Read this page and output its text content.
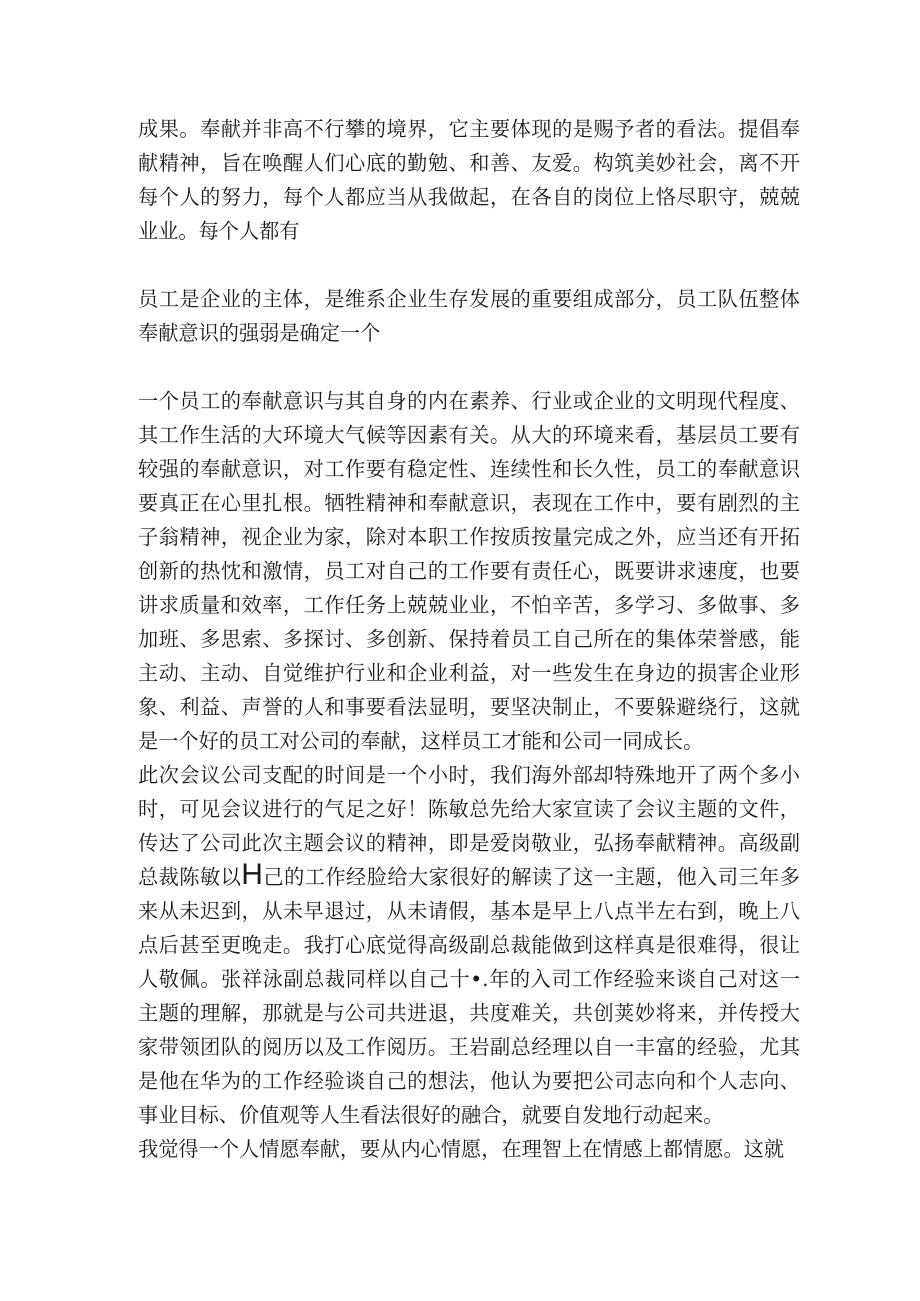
成果。奉献并非高不行攀的境界，它主要体现的是赐予者的看法。提倡奉献精神，旨在唤醒人们心底的勤勉、和善、友爱。构筑美妙社会，离不开每个人的努力，每个人都应当从我做起，在各自的岗位上恪尽职守，兢兢业业。每个人都有

员工是企业的主体，是维系企业生存发展的重要组成部分，员工队伍整体奉献意识的强弱是确定一个

一个员工的奉献意识与其自身的内在素养、行业或企业的文明现代程度、其工作生活的大环境大气候等因素有关。从大的环境来看，基层员工要有较强的奉献意识，对工作要有稳定性、连续性和长久性，员工的奉献意识要真正在心里扎根。牺牲精神和奉献意识，表现在工作中，要有剧烈的主子翁精神，视企业为家，除对本职工作按质按量完成之外，应当还有开拓创新的热忱和激情，员工对自己的工作要有责任心，既要讲求速度，也要讲求质量和效率，工作任务上兢兢业业，不怕辛苦，多学习、多做事、多加班、多思索、多探讨、多创新、保持着员工自己所在的集体荣誉感，能主动、主动、自觉维护行业和企业利益，对一些发生在身边的损害企业形象、利益、声誉的人和事要看法显明，要坚决制止，不要躲避绕行，这就是一个好的员工对公司的奉献，这样员工才能和公司一同成长。

此次会议公司支配的时间是一个小时，我们海外部却特殊地开了两个多小时，可见会议进行的气足之好！陈敏总先给大家宣读了会议主题的文件，传达了公司此次主题会议的精神，即是爱岗敬业，弘扬奉献精神。高级副总裁陈敏以H己的工作经脸给大家很好的解读了这一主题，他入司三年多来从未迟到，从未早退过，从未请假，基本是早上八点半左右到，晚上八点后甚至更晚走。我打心底觉得高级副总裁能做到这样真是很难得，很让人敬佩。张祥泳副总裁同样以自己十•.年的入司工作经验来谈自己对这一主题的理解，那就是与公司共进退，共度难关，共创荚妙将来，并传授大家带领团队的阅历以及工作阅历。王岩副总经理以自一丰富的经验，尤其是他在华为的工作经验谈自己的想法，他认为要把公司志向和个人志向、事业目标、价值观等人生看法很好的融合，就要自发地行动起来。

我觉得一个人情愿奉献，要从内心情愿，在理智上在情感上都情愿。这就
